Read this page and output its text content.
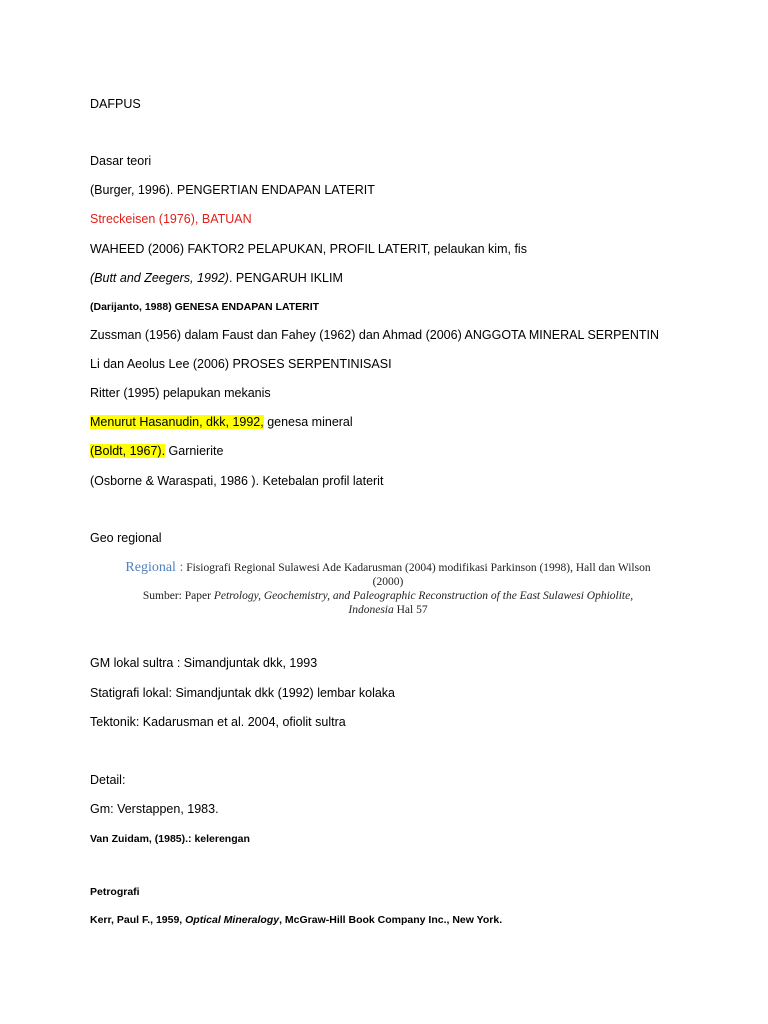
DAFPUS
Dasar teori
(Burger, 1996). PENGERTIAN ENDAPAN LATERIT
Streckeisen (1976), BATUAN
WAHEED (2006) FAKTOR2 PELAPUKAN, PROFIL LATERIT, pelaukan kim, fis
(Butt and Zeegers, 1992). PENGARUH IKLIM
(Darijanto, 1988) GENESA ENDAPAN LATERIT
Zussman (1956) dalam Faust dan Fahey (1962) dan Ahmad (2006) ANGGOTA MINERAL SERPENTIN
Li dan Aeolus Lee (2006) PROSES SERPENTINISASI
Ritter (1995) pelapukan mekanis
Menurut Hasanudin, dkk, 1992, genesa mineral
(Boldt, 1967). Garnierite
(Osborne & Waraspati, 1986 ). Ketebalan profil laterit
Geo regional
Regional : Fisiografi Regional Sulawesi Ade Kadarusman (2004) modifikasi Parkinson (1998), Hall dan Wilson
(2000)
Sumber: Paper Petrology, Geochemistry, and Paleographic Reconstruction of the East Sulawesi Ophiolite,
Indonesia Hal 57
GM lokal sultra : Simandjuntak dkk, 1993
Statigrafi lokal: Simandjuntak dkk (1992) lembar kolaka
Tektonik: Kadarusman et al. 2004, ofiolit sultra
Detail:
Gm: Verstappen, 1983.
Van Zuidam, (1985).: kelerengan
Petrografi
Kerr, Paul F., 1959, Optical Mineralogy, McGraw-Hill Book Company Inc., New York.
